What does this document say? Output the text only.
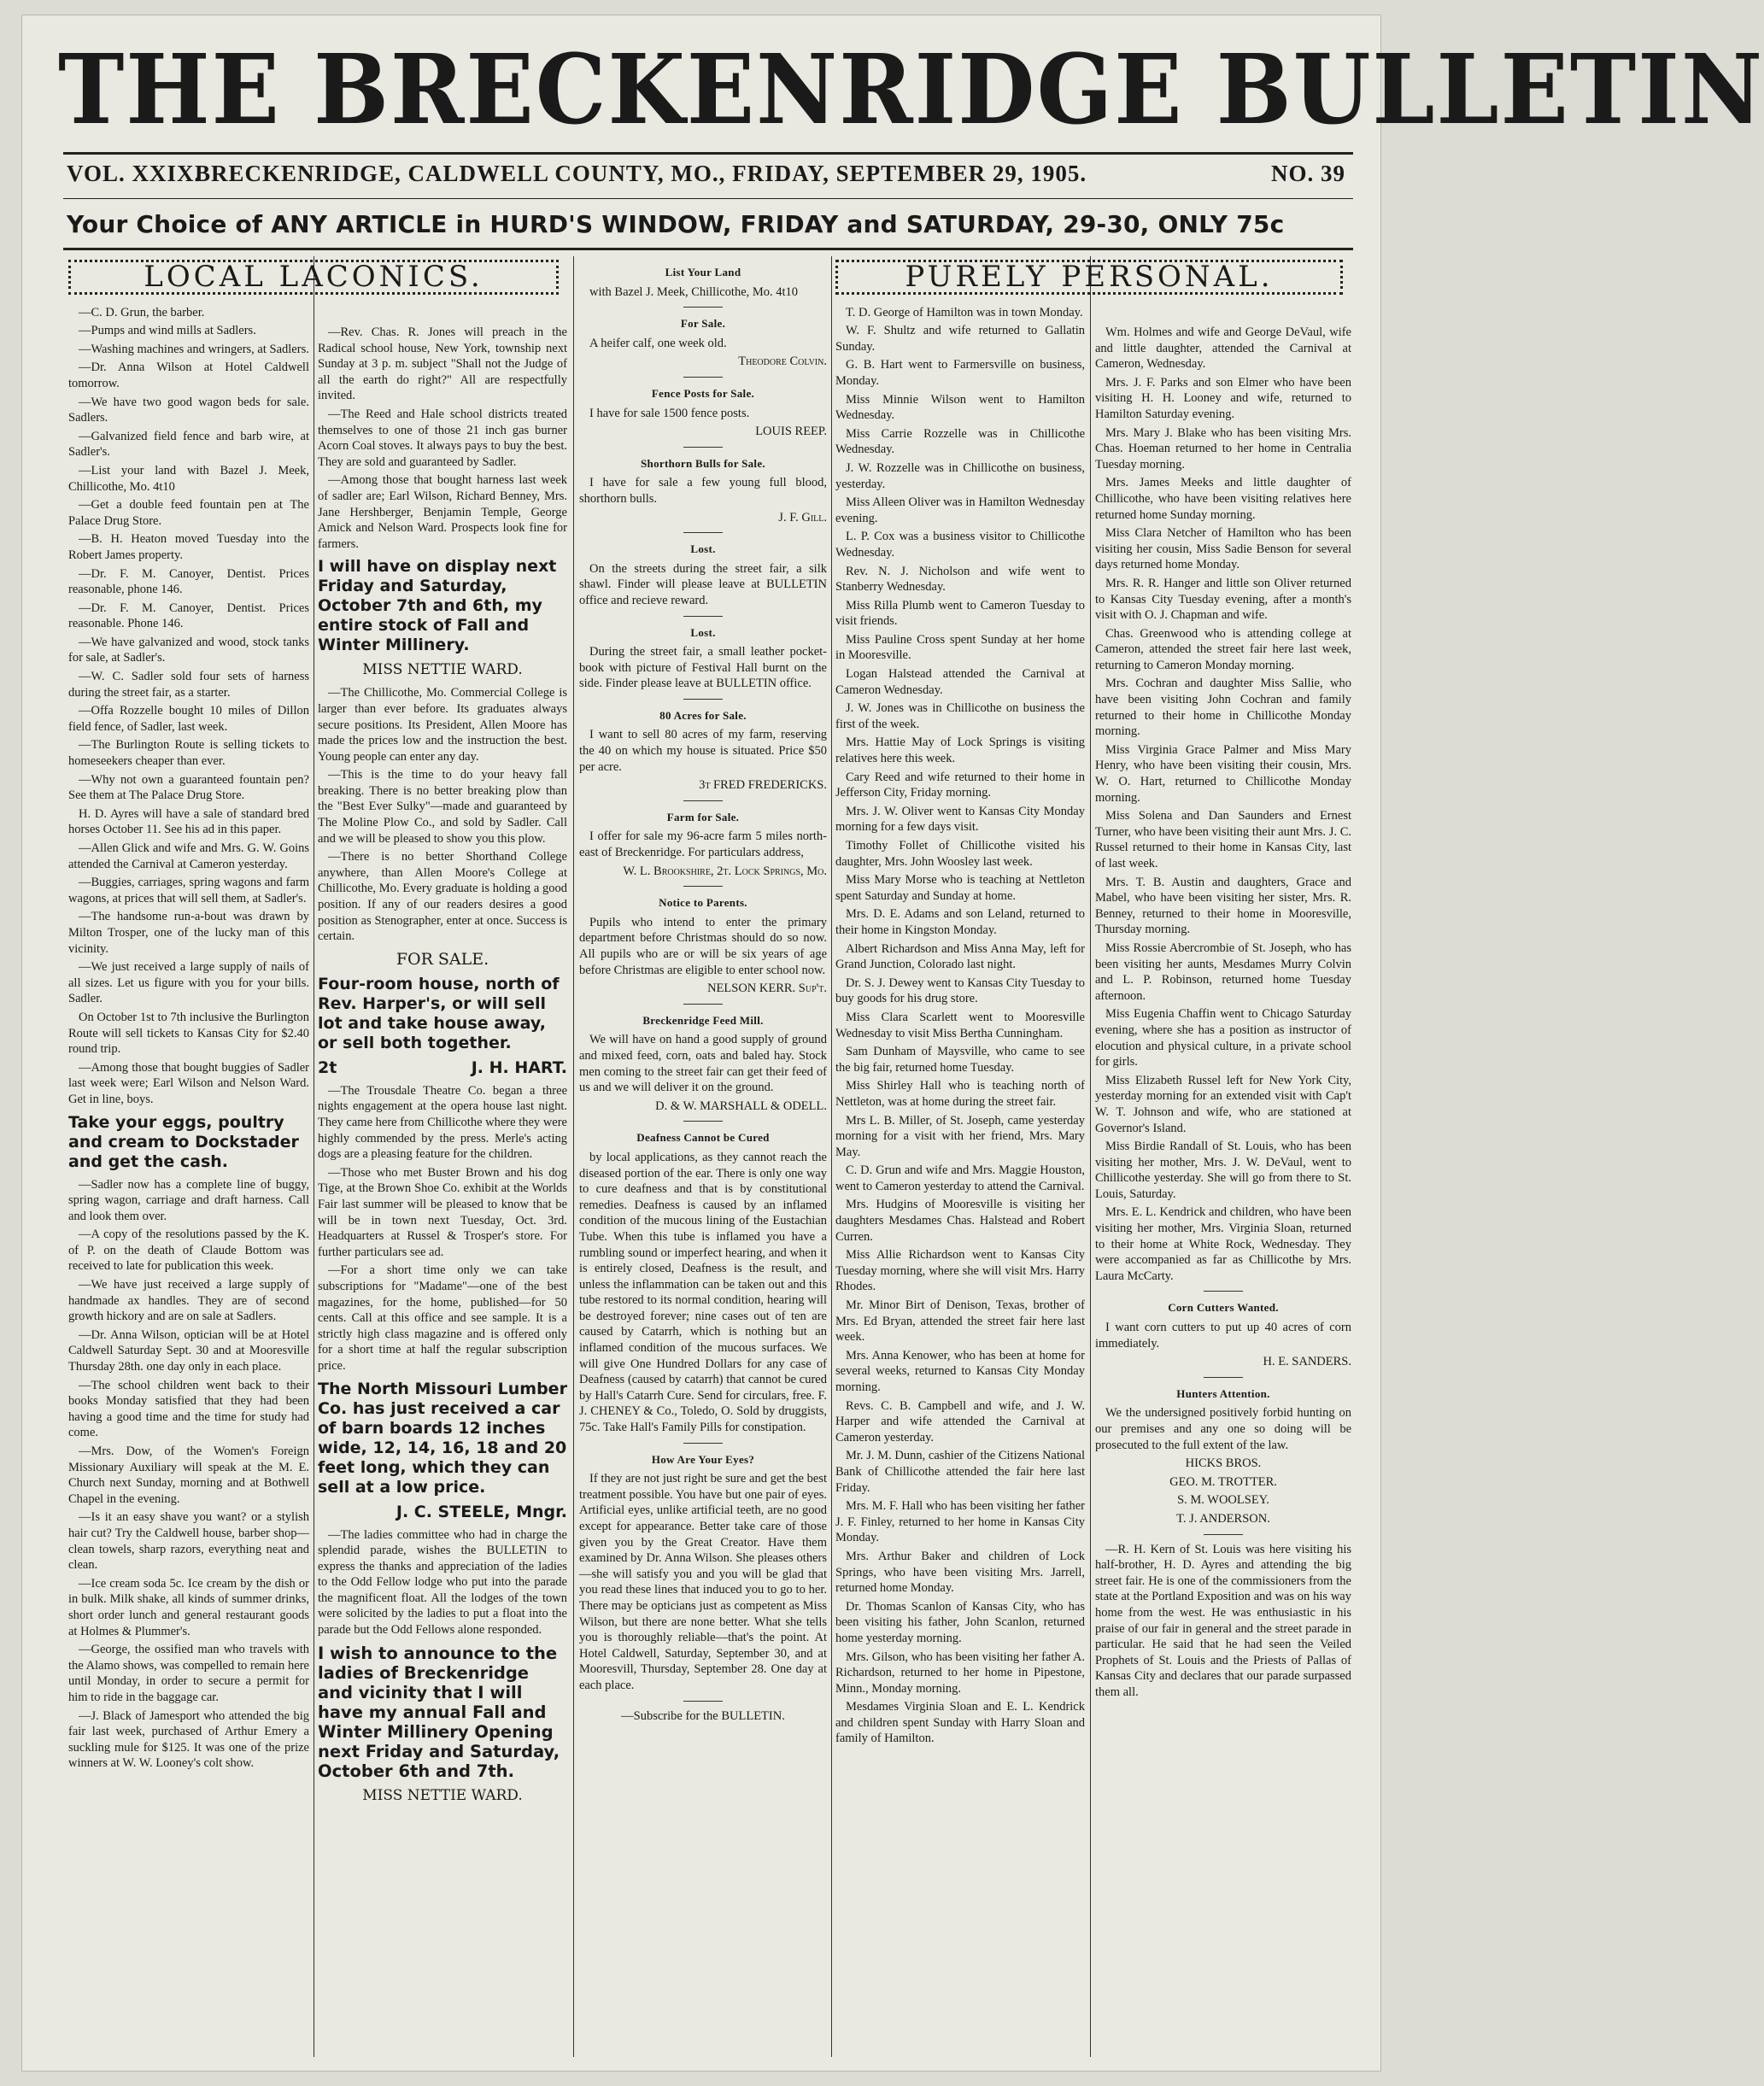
THE BRECKENRIDGE BULLETIN
VOL. XXIX.
BRECKENRIDGE, CALDWELL COUNTY, MO., FRIDAY, SEPTEMBER 29, 1905.	NO. 39
Your Choice of ANY ARTICLE in HURD'S WINDOW, FRIDAY and SATURDAY, 29-30, ONLY 75c
LOCAL LACONICS.

—C. D. Grun, the barber.

—Pumps and wind mills at Sadlers.

—Washing machines and wringers, at Sadlers.

—Dr. Anna Wilson at Hotel Caldwell tomorrow.

—We have two good wagon beds for sale. Sadlers.

—Galvanized field fence and barb wire, at Sadler's.

—List your land with Bazel J. Meek, Chillicothe, Mo. 4t10

—Get a double feed fountain pen at The Palace Drug Store.

—B. H. Heaton moved Tuesday into the Robert James property.

—Dr. F. M. Canoyer, Dentist. Prices reasonable, phone 146.

—Dr. F. M. Canoyer, Dentist. Prices reasonable. Phone 146.

—We have galvanized and wood, stock tanks for sale, at Sadler's.

—W. C. Sadler sold four sets of harness during the street fair, as a starter.

—Offa Rozzelle bought 10 miles of Dillon field fence, of Sadler, last week.

—The Burlington Route is selling tickets to homeseekers cheaper than ever.

—Why not own a guaranteed fountain pen? See them at The Palace Drug Store.

H. D. Ayres will have a sale of standard bred horses October 11. See his ad in this paper.

—Allen Glick and wife and Mrs. G. W. Goins attended the Carnival at Cameron yesterday.

—Buggies, carriages, spring wagons and farm wagons, at prices that will sell them, at Sadler's.

—The handsome run-a-bout was drawn by Milton Trosper, one of the lucky man of this vicinity.

—We just received a large supply of nails of all sizes. Let us figure with you for your bills. Sadler.

On October 1st to 7th inclusive the Burlington Route will sell tickets to Kansas City for $2.40 round trip.

—Among those that bought buggies of Sadler last week were; Earl Wilson and Nelson Ward. Get in line, boys.

Take your eggs, poultry and cream to Dockstader and get the cash.

—Sadler now has a complete line of buggy, spring wagon, carriage and draft harness. Call and look them over.

—A copy of the resolutions passed by the K. of P. on the death of Claude Bottom was received to late for publication this week.

—We have just received a large supply of handmade ax handles. They are of second growth hickory and are on sale at Sadlers.

—Dr. Anna Wilson, optician will be at Hotel Caldwell Saturday Sept. 30 and at Mooresville Thursday 28th. one day only in each place.

—The school children went back to their books Monday satisfied that they had been having a good time and the time for study had come.

—Mrs. Dow, of the Women's Foreign Missionary Auxiliary will speak at the M. E. Church next Sunday, morning and at Bothwell Chapel in the evening.

—Is it an easy shave you want? or a stylish hair cut? Try the Caldwell house, barber shop—clean towels, sharp razors, everything neat and clean.

—Ice cream soda 5c. Ice cream by the dish or in bulk. Milk shake, all kinds of summer drinks, short order lunch and general restaurant goods at Holmes & Plummer's.

—George, the ossified man who travels with the Alamo shows, was compelled to remain here until Monday, in order to secure a permit for him to ride in the baggage car.

—J. Black of Jamesport who attended the big fair last week, purchased of Arthur Emery a suckling mule for $125. It was one of the prize winners at W. W. Looney's colt show.

—Rev. Chas. R. Jones will preach in the Radical school house, New York, township next Sunday at 3 p. m. subject "Shall not the Judge of all the earth do right?" All are respectfully invited.

—The Reed and Hale school districts treated themselves to one of those 21 inch gas burner Acorn Coal stoves. It always pays to buy the best. They are sold and guaranteed by Sadler.

—Among those that bought harness last week of sadler are; Earl Wilson, Richard Benney, Mrs. Jane Hershberger, Benjamin Temple, George Amick and Nelson Ward. Prospects look fine for farmers.

I will have on display next Friday and Saturday, October 7th and 6th, my entire stock of Fall and Winter Millinery.

MISS NETTIE WARD.

—The Chillicothe, Mo. Commercial College is larger than ever before. Its graduates always secure positions. Its President, Allen Moore has made the prices low and the instruction the best. Young people can enter any day.

—This is the time to do your heavy fall breaking. There is no better breaking plow than the "Best Ever Sulky"—made and guaranteed by The Moline Plow Co., and sold by Sadler. Call and we will be pleased to show you this plow.

—There is no better Shorthand College anywhere, than Allen Moore's College at Chillicothe, Mo. Every graduate is holding a good position. If any of our readers desires a good position as Stenographer, enter at once. Success is certain.

FOR SALE.

Four-room house, north of Rev. Harper's, or will sell lot and take house away, or sell both together.

2t	J. H. HART.

—The Trousdale Theatre Co. began a three nights engagement at the opera house last night. They came here from Chillicothe where they were highly commended by the press. Merle's acting dogs are a pleasing feature for the children.

—Those who met Buster Brown and his dog Tige, at the Brown Shoe Co. exhibit at the Worlds Fair last summer will be pleased to know that be will be in town next Tuesday, Oct. 3rd. Headquarters at Russel & Trosper's store. For further particulars see ad.

—For a short time only we can take subscriptions for "Madame"—one of the best magazines, for the home, published—for 50 cents. Call at this office and see sample. It is a strictly high class magazine and is offered only for a short time at half the regular subscription price.

The North Missouri Lumber Co. has just received a car of barn boards 12 inches wide, 12, 14, 16, 18 and 20 feet long, which they can sell at a low price.

J. C. STEELE, Mngr.

—The ladies committee who had in charge the splendid parade, wishes the BULLETIN to express the thanks and appreciation of the ladies to the Odd Fellow lodge who put into the parade the magnificent float. All the lodges of the town were solicited by the ladies to put a float into the parade but the Odd Fellows alone responded.

I wish to announce to the ladies of Breckenridge and vicinity that I will have my annual Fall and Winter Millinery Opening next Friday and Saturday, October 6th and 7th.

MISS NETTIE WARD.

List Your Land

with Bazel J. Meek, Chillicothe, Mo. 4t10

For Sale.

A heifer calf, one week old.

Theodore Colvin.

Fence Posts for Sale.

I have for sale 1500 fence posts.

LOUIS REEP.

Shorthorn Bulls for Sale.

I have for sale a few young full blood, shorthorn bulls.

J. F. Gill.

Lost.

On the streets during the street fair, a silk shawl. Finder will please leave at BULLETIN office and recieve reward.

Lost.

During the street fair, a small leather pocket-book with picture of Festival Hall burnt on the side. Finder please leave at BULLETIN office.

80 Acres for Sale.

I want to sell 80 acres of my farm, reserving the 40 on which my house is situated. Price $50 per acre.

3t FRED FREDERICKS.

Farm for Sale.

I offer for sale my 96-acre farm 5 miles north-east of Breckenridge. For particulars address,

W. L. Brookshire, 2t. Lock Springs, Mo.

Notice to Parents.

Pupils who intend to enter the primary department before Christmas should do so now. All pupils who are or will be six years of age before Christmas are eligible to enter school now.

NELSON KERR. Sup't.

Breckenridge Feed Mill.

We will have on hand a good supply of ground and mixed feed, corn, oats and baled hay. Stock men coming to the street fair can get their feed of us and we will deliver it on the ground.

D. & W. MARSHALL & ODELL.

Deafness Cannot be Cured

by local applications, as they cannot reach the diseased portion of the ear. There is only one way to cure deafness and that is by constitutional remedies. Deafness is caused by an inflamed condition of the mucous lining of the Eustachian Tube. When this tube is inflamed you have a rumbling sound or imperfect hearing, and when it is entirely closed, Deafness is the result, and unless the inflammation can be taken out and this tube restored to its normal condition, hearing will be destroyed forever; nine cases out of ten are caused by Catarrh, which is nothing but an inflamed condition of the mucous surfaces. We will give One Hundred Dollars for any case of Deafness (caused by catarrh) that cannot be cured by Hall's Catarrh Cure. Send for circulars, free. F. J. CHENEY & Co., Toledo, O. Sold by druggists, 75c. Take Hall's Family Pills for constipation.

How Are Your Eyes?

If they are not just right be sure and get the best treatment possible. You have but one pair of eyes. Artificial eyes, unlike artificial teeth, are no good except for appearance. Better take care of those given you by the Great Creator. Have them examined by Dr. Anna Wilson. She pleases others—she will satisfy you and you will be glad that you read these lines that induced you to go to her. There may be opticians just as competent as Miss Wilson, but there are none better. What she tells you is thoroughly reliable—that's the point. At Hotel Caldwell, Saturday, September 30, and at Mooresvill, Thursday, September 28. One day at each place.

—Subscribe for the BULLETIN.

PURELY PERSONAL.

T. D. George of Hamilton was in town Monday.

W. F. Shultz and wife returned to Gallatin Sunday.

G. B. Hart went to Farmersville on business, Monday.

Miss Minnie Wilson went to Hamilton Wednesday.

Miss Carrie Rozzelle was in Chillicothe Wednesday.

J. W. Rozzelle was in Chillicothe on business, yesterday.

Miss Alleen Oliver was in Hamilton Wednesday evening.

L. P. Cox was a business visitor to Chillicothe Wednesday.

Rev. N. J. Nicholson and wife went to Stanberry Wednesday.

Miss Rilla Plumb went to Cameron Tuesday to visit friends.

Miss Pauline Cross spent Sunday at her home in Mooresville.

Logan Halstead attended the Carnival at Cameron Wednesday.

J. W. Jones was in Chillicothe on business the first of the week.

Mrs. Hattie May of Lock Springs is visiting relatives here this week.

Cary Reed and wife returned to their home in Jefferson City, Friday morning.

Mrs. J. W. Oliver went to Kansas City Monday morning for a few days visit.

Timothy Follet of Chillicothe visited his daughter, Mrs. John Woosley last week.

Miss Mary Morse who is teaching at Nettleton spent Saturday and Sunday at home.

Mrs. D. E. Adams and son Leland, returned to their home in Kingston Monday.

Albert Richardson and Miss Anna May, left for Grand Junction, Colorado last night.

Dr. S. J. Dewey went to Kansas City Tuesday to buy goods for his drug store.

Miss Clara Scarlett went to Mooresville Wednesday to visit Miss Bertha Cunningham.

Sam Dunham of Maysville, who came to see the big fair, returned home Tuesday.

Miss Shirley Hall who is teaching north of Nettleton, was at home during the street fair.

Mrs L. B. Miller, of St. Joseph, came yesterday morning for a visit with her friend, Mrs. Mary May.

C. D. Grun and wife and Mrs. Maggie Houston, went to Cameron yesterday to attend the Carnival.

Mrs. Hudgins of Mooresville is visiting her daughters Mesdames Chas. Halstead and Robert Curren.

Miss Allie Richardson went to Kansas City Tuesday morning, where she will visit Mrs. Harry Rhodes.

Mr. Minor Birt of Denison, Texas, brother of Mrs. Ed Bryan, attended the street fair here last week.

Mrs. Anna Kenower, who has been at home for several weeks, returned to Kansas City Monday morning.

Revs. C. B. Campbell and wife, and J. W. Harper and wife attended the Carnival at Cameron yesterday.

Mr. J. M. Dunn, cashier of the Citizens National Bank of Chillicothe attended the fair here last Friday.

Mrs. M. F. Hall who has been visiting her father J. F. Finley, returned to her home in Kansas City Monday.

Mrs. Arthur Baker and children of Lock Springs, who have been visiting Mrs. Jarrell, returned home Monday.

Dr. Thomas Scanlon of Kansas City, who has been visiting his father, John Scanlon, returned home yesterday morning.

Mrs. Gilson, who has been visiting her father A. Richardson, returned to her home in Pipestone, Minn., Monday morning.

Mesdames Virginia Sloan and E. L. Kendrick and children spent Sunday with Harry Sloan and family of Hamilton.

Wm. Holmes and wife and George DeVaul, wife and little daughter, attended the Carnival at Cameron, Wednesday.

Mrs. J. F. Parks and son Elmer who have been visiting H. H. Looney and wife, returned to Hamilton Saturday evening.

Mrs. Mary J. Blake who has been visiting Mrs. Chas. Hoeman returned to her home in Centralia Tuesday morning.

Mrs. James Meeks and little daughter of Chillicothe, who have been visiting relatives here returned home Sunday morning.

Miss Clara Netcher of Hamilton who has been visiting her cousin, Miss Sadie Benson for several days returned home Monday.

Mrs. R. R. Hanger and little son Oliver returned to Kansas City Tuesday evening, after a month's visit with O. J. Chapman and wife.

Chas. Greenwood who is attending college at Cameron, attended the street fair here last week, returning to Cameron Monday morning.

Mrs. Cochran and daughter Miss Sallie, who have been visiting John Cochran and family returned to their home in Chillicothe Monday morning.

Miss Virginia Grace Palmer and Miss Mary Henry, who have been visiting their cousin, Mrs. W. O. Hart, returned to Chillicothe Monday morning.

Miss Solena and Dan Saunders and Ernest Turner, who have been visiting their aunt Mrs. J. C. Russel returned to their home in Kansas City, last of last week.

Mrs. T. B. Austin and daughters, Grace and Mabel, who have been visiting her sister, Mrs. R. Benney, returned to their home in Mooresville, Thursday morning.

Miss Rossie Abercrombie of St. Joseph, who has been visiting her aunts, Mesdames Murry Colvin and L. P. Robinson, returned home Tuesday afternoon.

Miss Eugenia Chaffin went to Chicago Saturday evening, where she has a position as instructor of elocution and physical culture, in a private school for girls.

Miss Elizabeth Russel left for New York City, yesterday morning for an extended visit with Cap't W. T. Johnson and wife, who are stationed at Governor's Island.

Miss Birdie Randall of St. Louis, who has been visiting her mother, Mrs. J. W. DeVaul, went to Chillicothe yesterday. She will go from there to St. Louis, Saturday.

Mrs. E. L. Kendrick and children, who have been visiting her mother, Mrs. Virginia Sloan, returned to their home at White Rock, Wednesday. They were accompanied as far as Chillicothe by Mrs. Laura McCarty.

Corn Cutters Wanted.

I want corn cutters to put up 40 acres of corn immediately.

H. E. SANDERS.

Hunters Attention.

We the undersigned positively forbid hunting on our premises and any one so doing will be prosecuted to the full extent of the law.

HICKS BROS.

GEO. M. TROTTER.

S. M. WOOLSEY.

T. J. ANDERSON.

—R. H. Kern of St. Louis was here visiting his half-brother, H. D. Ayres and attending the big street fair. He is one of the commissioners from the state at the Portland Exposition and was on his way home from the west. He was enthusiastic in his praise of our fair in general and the street parade in particular. He said that he had seen the Veiled Prophets of St. Louis and the Priests of Pallas of Kansas City and declares that our parade surpassed them all.
